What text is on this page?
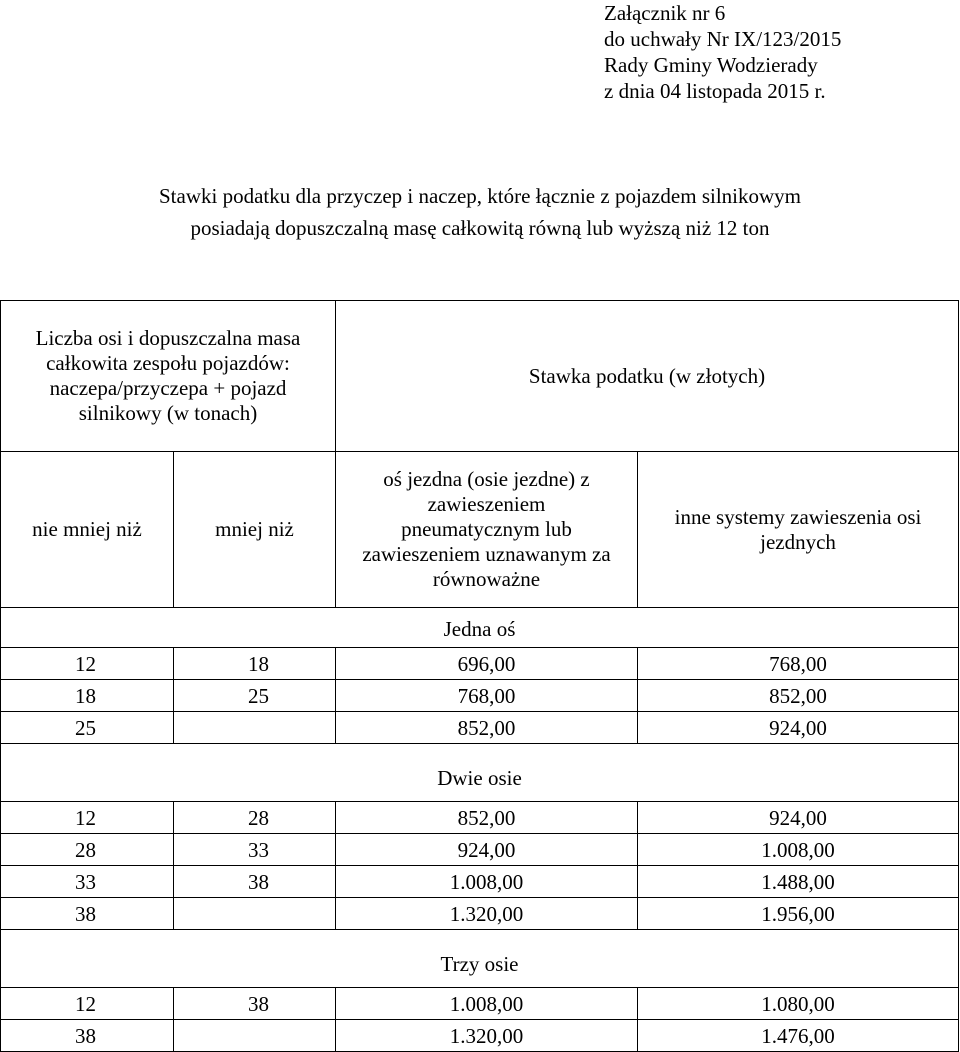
Załącznik nr 6
do uchwały Nr IX/123/2015
Rady Gminy Wodzierady
z dnia 04 listopada 2015 r.
Stawki podatku dla przyczep i naczep, które łącznie z pojazdem silnikowym
posiadają dopuszczalną masę całkowitą równą lub wyższą niż 12 ton
Liczba osi i dopuszczalna masa całkowita zespołu pojazdów: naczepa/przyczepa + pojazd silnikowy (w tonach)		Stawka podatku (w złotych)	
nie mniej niż	mniej niż	oś jezdna (osie jezdne) z zawieszeniem pneumatycznym lub zawieszeniem uznawanym za równoważne	inne systemy zawieszenia osi jezdnych
Jedna oś			
12	18	696,00	768,00
18	25	768,00	852,00
25		852,00	924,00
Dwie osie			
12	28	852,00	924,00
28	33	924,00	1.008,00
33	38	1.008,00	1.488,00
38		1.320,00	1.956,00
Trzy osie			
12	38	1.008,00	1.080,00
38		1.320,00	1.476,00
